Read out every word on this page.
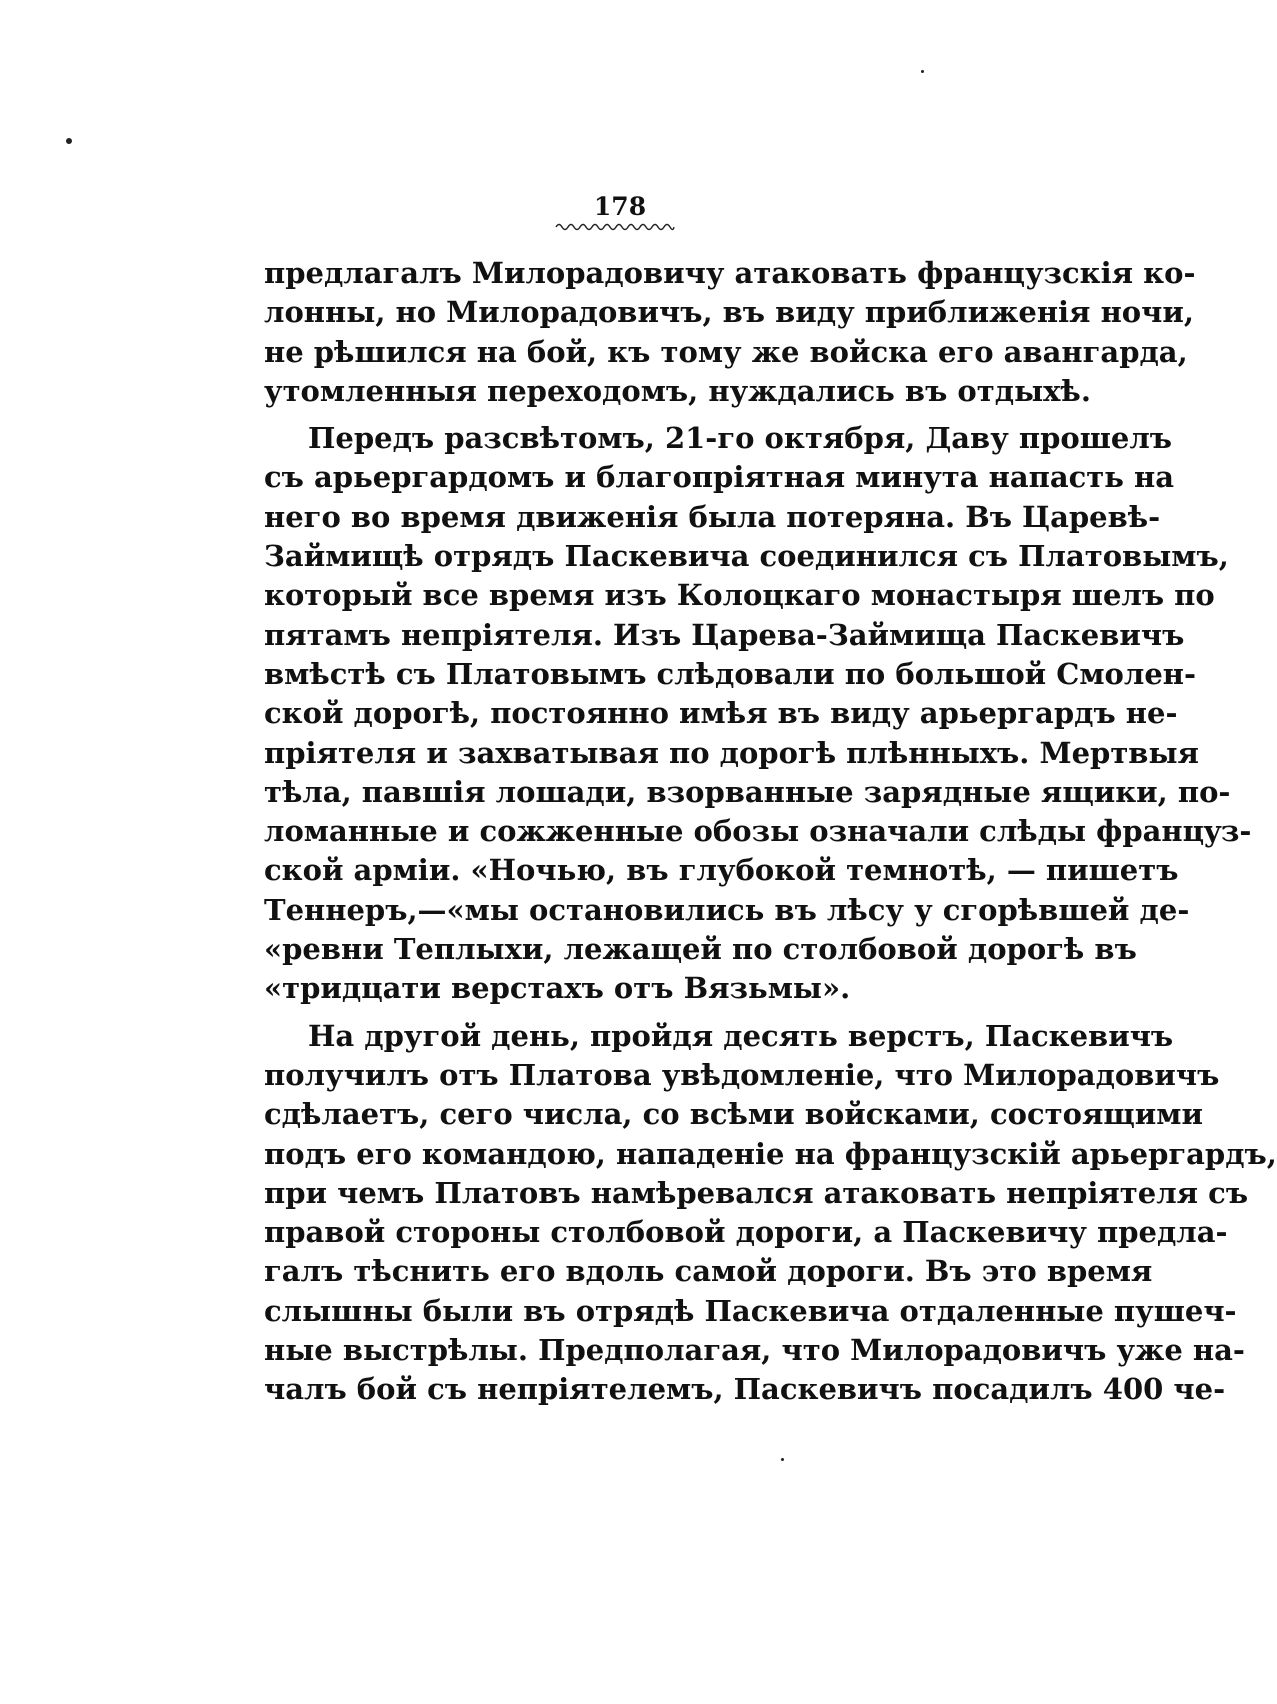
178
предлагалъ Милорадовичу атаковать французскія ко-
лонны, но Милорадовичъ, въ виду приближенія ночи,
не рѣшился на бой, къ тому же войска его авангарда,
утомленныя переходомъ, нуждались въ отдыхѣ.
Передъ разсвѣтомъ, 21-го октября, Даву прошелъ
съ арьергардомъ и благопріятная минута напасть на
него во время движенія была потеряна. Въ Царевѣ-
Займищѣ отрядъ Паскевича соединился съ Платовымъ,
который все время изъ Колоцкаго монастыря шелъ по
пятамъ непріятеля. Изъ Царева-Займища Паскевичъ
вмѣстѣ съ Платовымъ слѣдовали по большой Смолен-
ской дорогѣ, постоянно имѣя въ виду арьергардъ не-
пріятеля и захватывая по дорогѣ плѣнныхъ. Мертвыя
тѣла, павшія лошади, взорванные зарядные ящики, по-
ломанные и сожженные обозы означали слѣды францyз-
ской арміи. «Ночью, въ глубокой темнотѣ, — пишетъ
Теннеръ,—«мы остановились въ лѣсу у сгорѣвшей де-
«ревни Теплыхи, лежащей по столбовой дорогѣ въ
«тридцати верстахъ отъ Вязьмы».
На другой день, пройдя десять верстъ, Паскевичъ
получилъ отъ Платова увѣдомленіе, что Милорадовичъ
сдѣлаетъ, сего числа, со всѣми войсками, состоящими
подъ его командою, нападеніе на французскій арьергардъ,
при чемъ Платовъ намѣревался атаковать непріятеля съ
правой стороны столбовой дороги, а Паскевичу предла-
галъ тѣснить его вдоль самой дороги. Въ это время
слышны были въ отрядѣ Паскевича отдаленные пушеч-
ные выстрѣлы. Предполагая, что Милорадовичъ уже на-
чалъ бой съ непріятелемъ, Паскевичъ посадилъ 400 че-
